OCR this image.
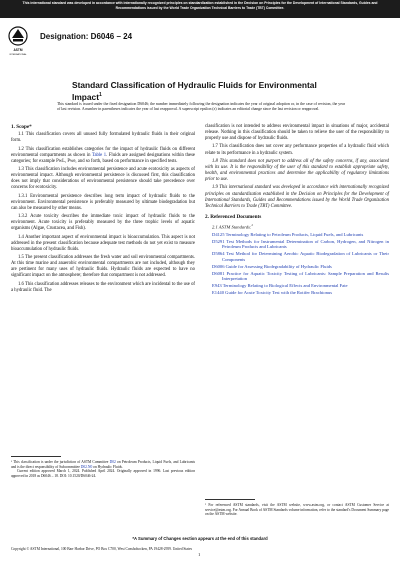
This international standard was developed in accordance with internationally recognized principles on standardization established in the Decision on Principles for the Development of International Standards, Guides and Recommendations issued by the World Trade Organization Technical Barriers to Trade (TBT) Committee.
ASTM
INTERNATIONAL
Designation: D6046 – 24
Standard Classification of Hydraulic Fluids for Environmental Impact$^1$
This standard is issued under the fixed designation D6046; the number immediately following the designation indicates the year of original adoption or, in the case of revision, the year of last revision. A number in parentheses indicates the year of last reapproval. A superscript epsilon (ε) indicates an editorial change since the last revision or reapproval.

1. Scope*

1.1 This classification covers all unused fully formulated hydraulic fluids in their original form.

1.2 This classification establishes categories for the impact of hydraulic fluids on different environmental compartments as shown in Table 1. Fluids are assigned designations within these categories; for example PwL, Pwe, and so forth, based on performance in specified tests.

1.3 This classification includes environmental persistence and acute ecotoxicity as aspects of environmental impact. Although environmental persistence is discussed first, this classification does not imply that considerations of environmental persistence should take precedence over concerns for ecotoxicity.

1.3.1 Environmental persistence describes long term impact of hydraulic fluids to the environment. Environmental persistence is preferably measured by ultimate biodegradation but can also be measured by other means.

1.3.2 Acute toxicity describes the immediate toxic impact of hydraulic fluids to the environment. Acute toxicity is preferably measured by the three trophic levels of aquatic organisms (Algae, Crustacea, and Fish).

1.4 Another important aspect of environmental impact is bioaccumulation. This aspect is not addressed in the present classification because adequate test methods do not yet exist to measure bioaccumulation of hydraulic fluids.

1.5 The present classification addresses the fresh water and soil environmental compartments. At this time marine and anaerobic environmental compartments are not included, although they are pertinent for many uses of hydraulic fluids. Hydraulic fluids are expected to have no significant impact on the atmosphere; therefore that compartment is not addressed.

1.6 This classification addresses releases to the environment which are incidental to the use of a hydraulic fluid. The

¹ This classification is under the jurisdiction of ASTM Committee D02 on Petroleum Products, Liquid Fuels, and Lubricants and is the direct responsibility of Subcommittee D02.N0 on Hydraulic Fluids.
Current edition approved March 1, 2024. Published April 2024. Originally approved in 1996. Last previous edition approved in 2018 as D6046 – 18. DOI: 10.1520/D6046-24.

classification is not intended to address environmental impact in situations of major, accidental release. Nothing in this classification should be taken to relieve the user of the responsibility to properly use and dispose of hydraulic fluids.

1.7 This classification does not cover any performance properties of a hydraulic fluid which relate to its performance in a hydraulic system.

1.8 This standard does not purport to address all of the safety concerns, if any, associated with its use. It is the responsibility of the user of this standard to establish appropriate safety, health, and environmental practices and determine the applicability of regulatory limitations prior to use.

1.9 This international standard was developed in accordance with internationally recognized principles on standardization established in the Decision on Principles for the Development of International Standards, Guides and Recommendations issued by the World Trade Organization Technical Barriers to Trade (TBT) Committee.

2. Referenced Documents

2.1 ASTM Standards:$^2$
D4125 Terminology Relating to Petroleum Products, Liquid Fuels, and Lubricants
D5291 Test Methods for Instrumental Determination of Carbon, Hydrogen, and Nitrogen in Petroleum Products and Lubricants
D5864 Test Method for Determining Aerobic Aquatic Biodegradation of Lubricants or Their Components
D6006 Guide for Assessing Biodegradability of Hydraulic Fluids
D6081 Practice for Aquatic Toxicity Testing of Lubricants: Sample Preparation and Results Interpretation
E943 Terminology Relating to Biological Effects and Environmental Fate
E1440 Guide for Acute Toxicity Test with the Rotifer Brachionus
² For referenced ASTM standards, visit the ASTM website, www.astm.org, or contact ASTM Customer Service at service@astm.org. For Annual Book of ASTM Standards volume information, refer to the standard's Document Summary page on the ASTM website.
*A Summary of Changes section appears at the end of this standard
Copyright © ASTM International, 100 Barr Harbor Drive, PO Box C700, West Conshohocken, PA 19428-2959. United States
1
